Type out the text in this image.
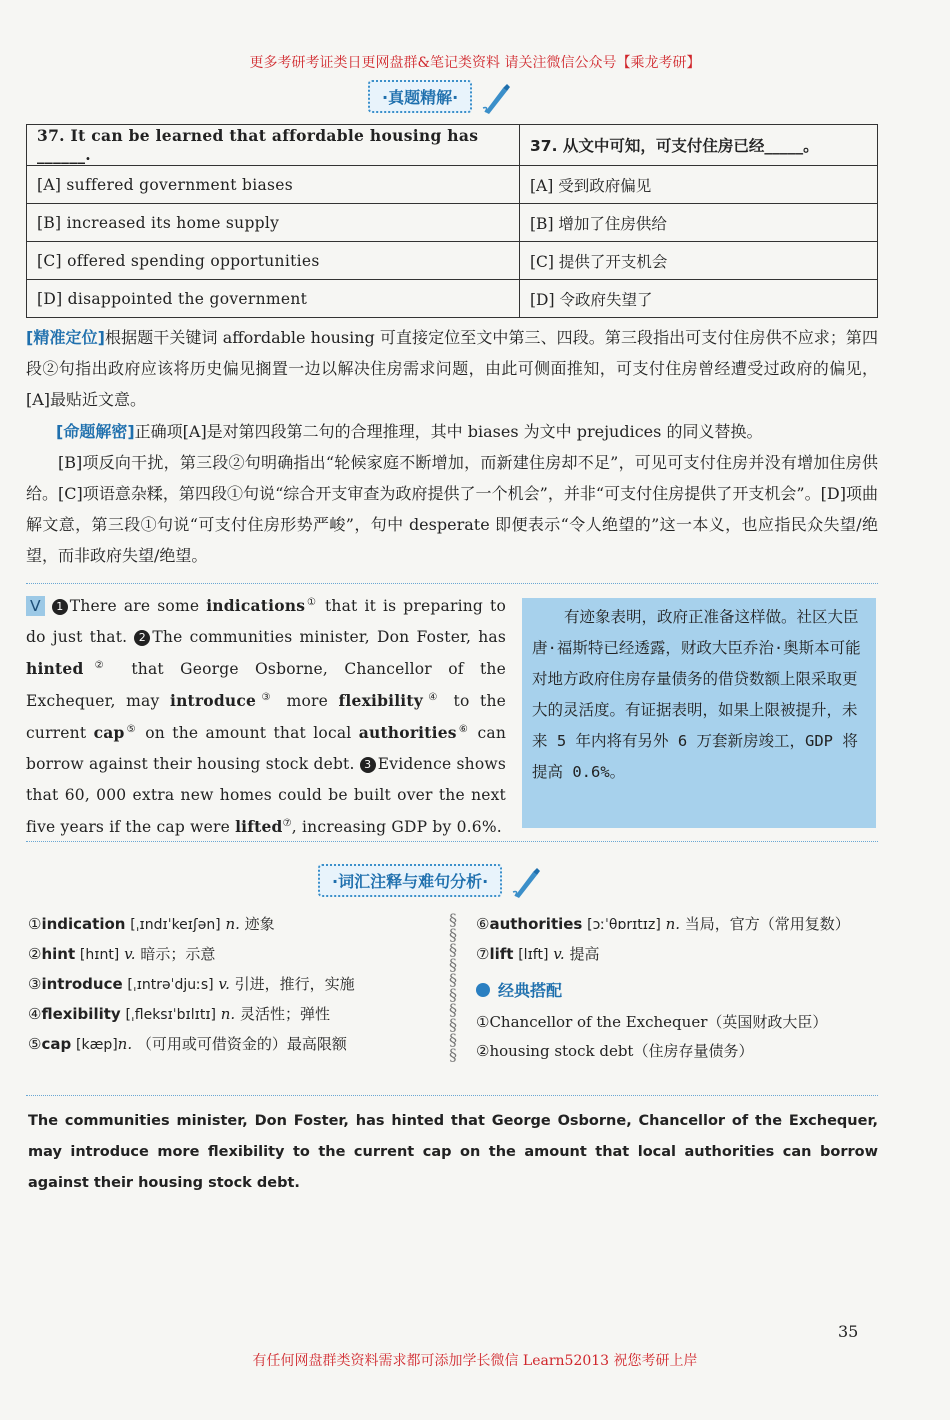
更多考研考证类日更网盘群&笔记类资料 请关注微信公众号【乘龙考研】
·真题精解·
37. It can be learned that affordable housing has ______.	37. 从文中可知，可支付住房已经_____。
[A] suffered government biases	[A] 受到政府偏见
[B] increased its home supply	[B] 增加了住房供给
[C] offered spending opportunities	[C] 提供了开支机会
[D] disappointed the government	[D] 令政府失望了
[精准定位]根据题干关键词 affordable housing 可直接定位至文中第三、四段。第三段指出可支付住房供不应求；第四段②句指出政府应该将历史偏见搁置一边以解决住房需求问题，由此可侧面推知，可支付住房曾经遭受过政府的偏见，[A]最贴近文意。
[命题解密]正确项[A]是对第四段第二句的合理推理，其中 biases 为文中 prejudices 的同义替换。
[B]项反向干扰，第三段②句明确指出“轮候家庭不断增加，而新建住房却不足”，可见可支付住房并没有增加住房供给。[C]项语意杂糅，第四段①句说“综合开支审查为政府提供了一个机会”，并非“可支付住房提供了开支机会”。[D]项曲解文意，第三段①句说“可支付住房形势严峻”，句中 desperate 即便表示“令人绝望的”这一本义，也应指民众失望/绝望，而非政府失望/绝望。
V 1 There are some indications① that it is preparing to do just that. 2 The communities minister, Don Foster, has hinted② that George Osborne, Chancellor of the Exchequer, may introduce③ more flexibility④ to the current cap⑤ on the amount that local authorities⑥ can borrow against their housing stock debt. 3 Evidence shows that 60, 000 extra new homes could be built over the next five years if the cap were lifted⑦, increasing GDP by 0.6%.
有迹象表明，政府正准备这样做。社区大臣唐·福斯特已经透露，财政大臣乔治·奥斯本可能对地方政府住房存量债务的借贷数额上限采取更大的灵活度。有证据表明，如果上限被提升，未来 5 年内将有另外 6 万套新房竣工，GDP 将提高 0.6%。
·词汇注释与难句分析·
①indication [ˌɪndɪˈkeɪʃən] n. 迹象
②hint [hɪnt] v. 暗示；示意
③introduce [ˌɪntrəˈdjuːs] v. 引进，推行，实施
④flexibility [ˌfleksɪˈbɪlɪtɪ] n. 灵活性；弹性
⑤cap [kæp]n. （可用或可借资金的）最高限额
§
§
§
§
§
§
§
§
§
§
⑥authorities [ɔːˈθɒrɪtɪz] n. 当局，官方（常用复数）
⑦lift [lɪft] v. 提高
经典搭配
①Chancellor of the Exchequer（英国财政大臣）
②housing stock debt（住房存量债务）
The communities minister, Don Foster, has hinted that George Osborne, Chancellor of the Exchequer, may introduce more flexibility to the current cap on the amount that local authorities can borrow against their housing stock debt.
35
有任何网盘群类资料需求都可添加学长微信 Learn52013 祝您考研上岸
